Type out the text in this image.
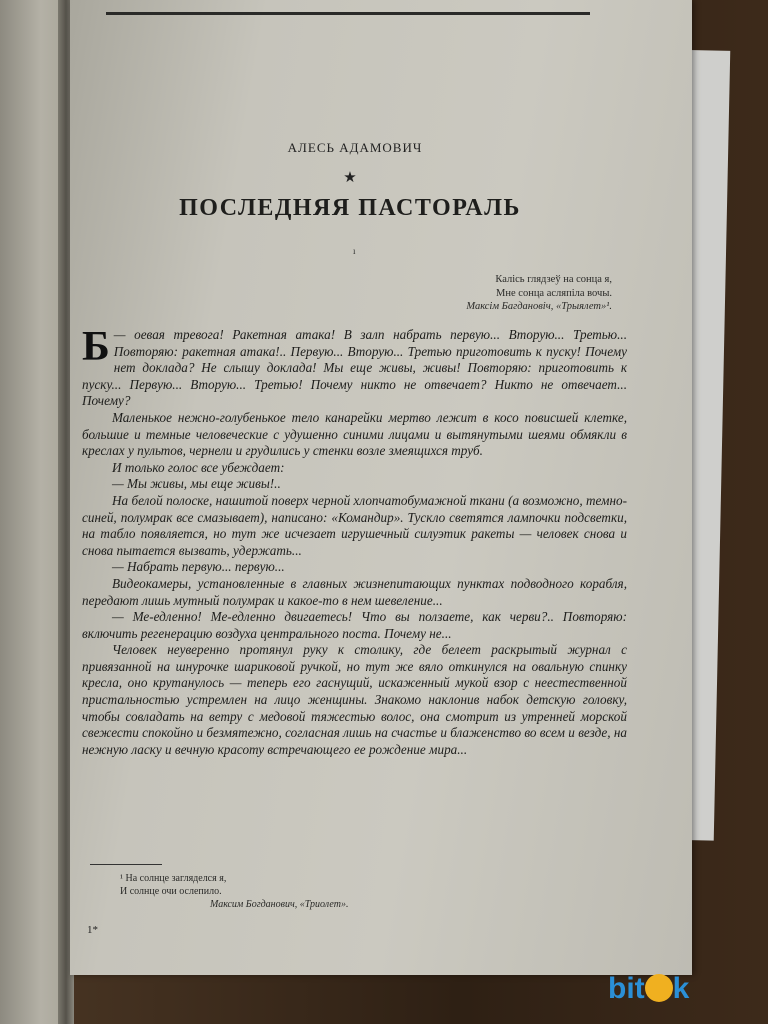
АЛЕСЬ АДАМОВИЧ
★
ПОСЛЕДНЯЯ ПАСТОРАЛЬ
ı
Калісь глядзеў на сонца я,
Мне сонца асляпіла вочы.
Максім Багдановіч, «Трыялет»¹.

Б — оевая тревога! Ракетная атака! В залп набрать первую... Вторую... Третью... Повторяю: ракетная атака!.. Первую... Вторую... Третью приготовить к пуску! Почему нет доклада? Не слышу доклада! Мы еще живы, живы! Повторяю: приготовить к пуску... Первую... Вторую... Третью! Почему никто не отвечает? Никто не отвечает... Почему?

Маленькое нежно-голубенькое тело канарейки мертво лежит в косо повисшей клетке, большие и темные человеческие с удушенно синими лицами и вытянутыми шеями обмякли в креслах у пультов, чернели и грудились у стенки возле змеящихся труб.

И только голос все убеждает:

— Мы живы, мы еще живы!..

На белой полоске, нашитой поверх черной хлопчатобумажной ткани (а возможно, темно-синей, полумрак все смазывает), написано: «Командир». Тускло светятся лампочки подсветки, на табло появляется, но тут же исчезает игрушечный силуэтик ракеты — человек снова и снова пытается вызвать, удержать...

— Набрать первую... первую...

Видеокамеры, установленные в главных жизнепитающих пунктах подводного корабля, передают лишь мутный полумрак и какое-то в нем шевеление...

— Ме-едленно! Ме-едленно двигаетесь! Что вы ползаете, как черви?.. Повторяю: включить регенерацию воздуха центрального поста. Почему не...

Человек неуверенно протянул руку к столику, где белеет раскрытый журнал с привязанной на шнурочке шариковой ручкой, но тут же вяло откинулся на овальную спинку кресла, оно крутанулось — теперь его гаснущий, искаженный мукой взор с неестественной пристальностью устремлен на лицо женщины. Знакомо наклонив набок детскую головку, чтобы совладать на ветру с медовой тяжестью волос, она смотрит из утренней морской свежести спокойно и безмятежно, согласная лишь на счастье и блаженство во всем и везде, на нежную ласку и вечную красоту встречающего ее рождение мира...

¹ На солнце загляделся я,
И солнце очи ослепило.
Максим Богданович, «Триолет».
1*
bit k
